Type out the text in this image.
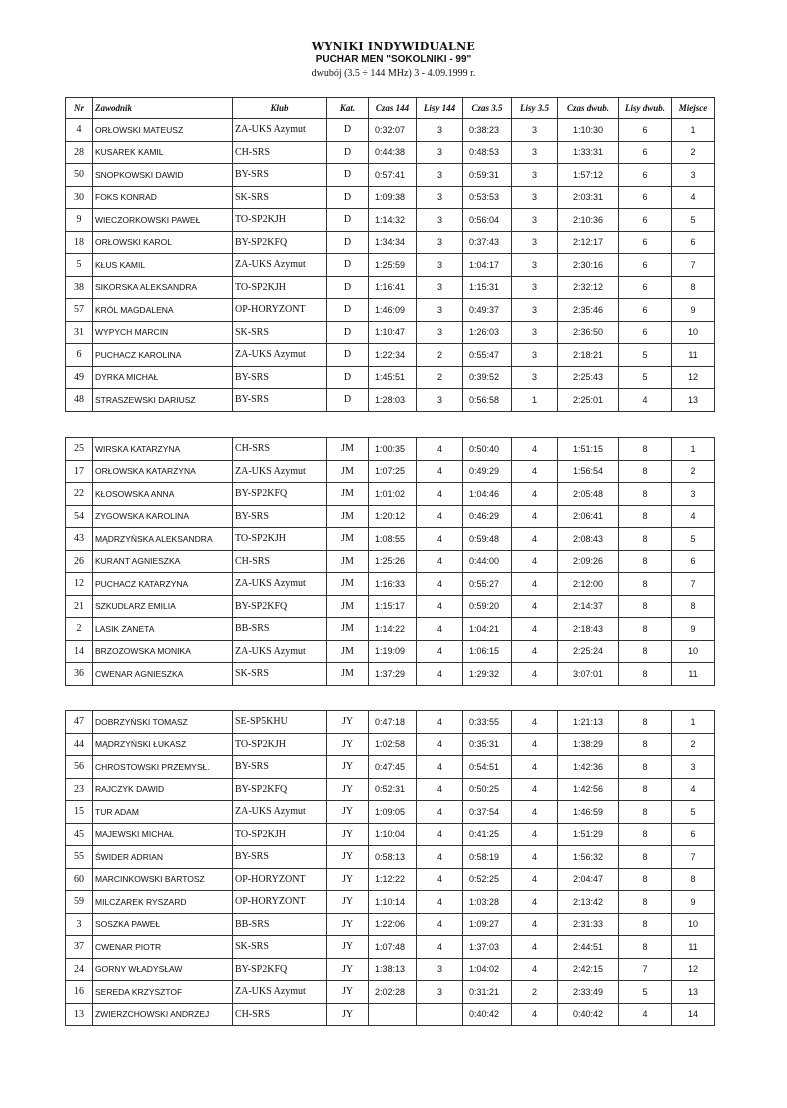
WYNIKI INDYWIDUALNE
PUCHAR MEN "SOKOLNIKI - 99"
dwubój (3.5 ÷ 144 MHz) 3 - 4.09.1999 r.
Nr	Zawodnik	Klub	Kat.	Czas 144	Lisy 144	Czas 3.5	Lisy 3.5	Czas dwub.	Lisy dwub.	Miejsce
4	ORŁOWSKI MATEUSZ	ZA-UKS Azymut	D	0:32:07	3	0:38:23	3	1:10:30	6	1
28	KUSAREK KAMIL	CH-SRS	D	0:44:38	3	0:48:53	3	1:33:31	6	2
50	SNOPKOWSKI DAWID	BY-SRS	D	0:57:41	3	0:59:31	3	1:57:12	6	3
30	FOKS KONRAD	SK-SRS	D	1:09:38	3	0:53:53	3	2:03:31	6	4
9	WIECZORKOWSKI PAWEŁ	TO-SP2KJH	D	1:14:32	3	0:56:04	3	2:10:36	6	5
18	ORŁOWSKI KAROL	BY-SP2KFQ	D	1:34:34	3	0:37:43	3	2:12:17	6	6
5	KŁUS KAMIL	ZA-UKS Azymut	D	1:25:59	3	1:04:17	3	2:30:16	6	7
38	SIKORSKA ALEKSANDRA	TO-SP2KJH	D	1:16:41	3	1:15:31	3	2:32:12	6	8
57	KRÓL MAGDALENA	OP-HORYZONT	D	1:46:09	3	0:49:37	3	2:35:46	6	9
31	WYPYCH MARCIN	SK-SRS	D	1:10:47	3	1:26:03	3	2:36:50	6	10
6	PUCHACZ KAROLINA	ZA-UKS Azymut	D	1:22:34	2	0:55:47	3	2:18:21	5	11
49	DYRKA MICHAŁ	BY-SRS	D	1:45:51	2	0:39:52	3	2:25:43	5	12
48	STRASZEWSKI DARIUSZ	BY-SRS	D	1:28:03	3	0:56:58	1	2:25:01	4	13
25	WIRSKA KATARZYNA	CH-SRS	JM	1:00:35	4	0:50:40	4	1:51:15	8	1
17	ORŁOWSKA KATARZYNA	ZA-UKS Azymut	JM	1:07:25	4	0:49:29	4	1:56:54	8	2
22	KŁOSOWSKA ANNA	BY-SP2KFQ	JM	1:01:02	4	1:04:46	4	2:05:48	8	3
54	ZYGOWSKA KAROLINA	BY-SRS	JM	1:20:12	4	0:46:29	4	2:06:41	8	4
43	MĄDRZYŃSKA ALEKSANDRA	TO-SP2KJH	JM	1:08:55	4	0:59:48	4	2:08:43	8	5
26	KURANT AGNIESZKA	CH-SRS	JM	1:25:26	4	0:44:00	4	2:09:26	8	6
12	PUCHACZ KATARZYNA	ZA-UKS Azymut	JM	1:16:33	4	0:55:27	4	2:12:00	8	7
21	SZKUDLARZ EMILIA	BY-SP2KFQ	JM	1:15:17	4	0:59:20	4	2:14:37	8	8
2	LASIK ŻANETA	BB-SRS	JM	1:14:22	4	1:04:21	4	2:18:43	8	9
14	BRZOZOWSKA MONIKA	ZA-UKS Azymut	JM	1:19:09	4	1:06:15	4	2:25:24	8	10
36	CWENAR AGNIESZKA	SK-SRS	JM	1:37:29	4	1:29:32	4	3:07:01	8	11
47	DOBRZYŃSKI TOMASZ	SE-SP5KHU	JY	0:47:18	4	0:33:55	4	1:21:13	8	1
44	MĄDRZYŃSKI ŁUKASZ	TO-SP2KJH	JY	1:02:58	4	0:35:31	4	1:38:29	8	2
56	CHROSTOWSKI PRZEMYSŁ.	BY-SRS	JY	0:47:45	4	0:54:51	4	1:42:36	8	3
23	RAJCZYK DAWID	BY-SP2KFQ	JY	0:52:31	4	0:50:25	4	1:42:56	8	4
15	TUR ADAM	ZA-UKS Azymut	JY	1:09:05	4	0:37:54	4	1:46:59	8	5
45	MAJEWSKI MICHAŁ	TO-SP2KJH	JY	1:10:04	4	0:41:25	4	1:51:29	8	6
55	ŚWIDER ADRIAN	BY-SRS	JY	0:58:13	4	0:58:19	4	1:56:32	8	7
60	MARCINKOWSKI BARTOSZ	OP-HORYZONT	JY	1:12:22	4	0:52:25	4	2:04:47	8	8
59	MILCZAREK RYSZARD	OP-HORYZONT	JY	1:10:14	4	1:03:28	4	2:13:42	8	9
3	SOSZKA PAWEŁ	BB-SRS	JY	1:22:06	4	1:09:27	4	2:31:33	8	10
37	CWENAR PIOTR	SK-SRS	JY	1:07:48	4	1:37:03	4	2:44:51	8	11
24	GORNY WŁADYSŁAW	BY-SP2KFQ	JY	1:38:13	3	1:04:02	4	2:42:15	7	12
16	SEREDA KRZYSZTOF	ZA-UKS Azymut	JY	2:02:28	3	0:31:21	2	2:33:49	5	13
13	ZWIERZCHOWSKI ANDRZEJ	CH-SRS	JY			0:40:42	4	0:40:42	4	14
